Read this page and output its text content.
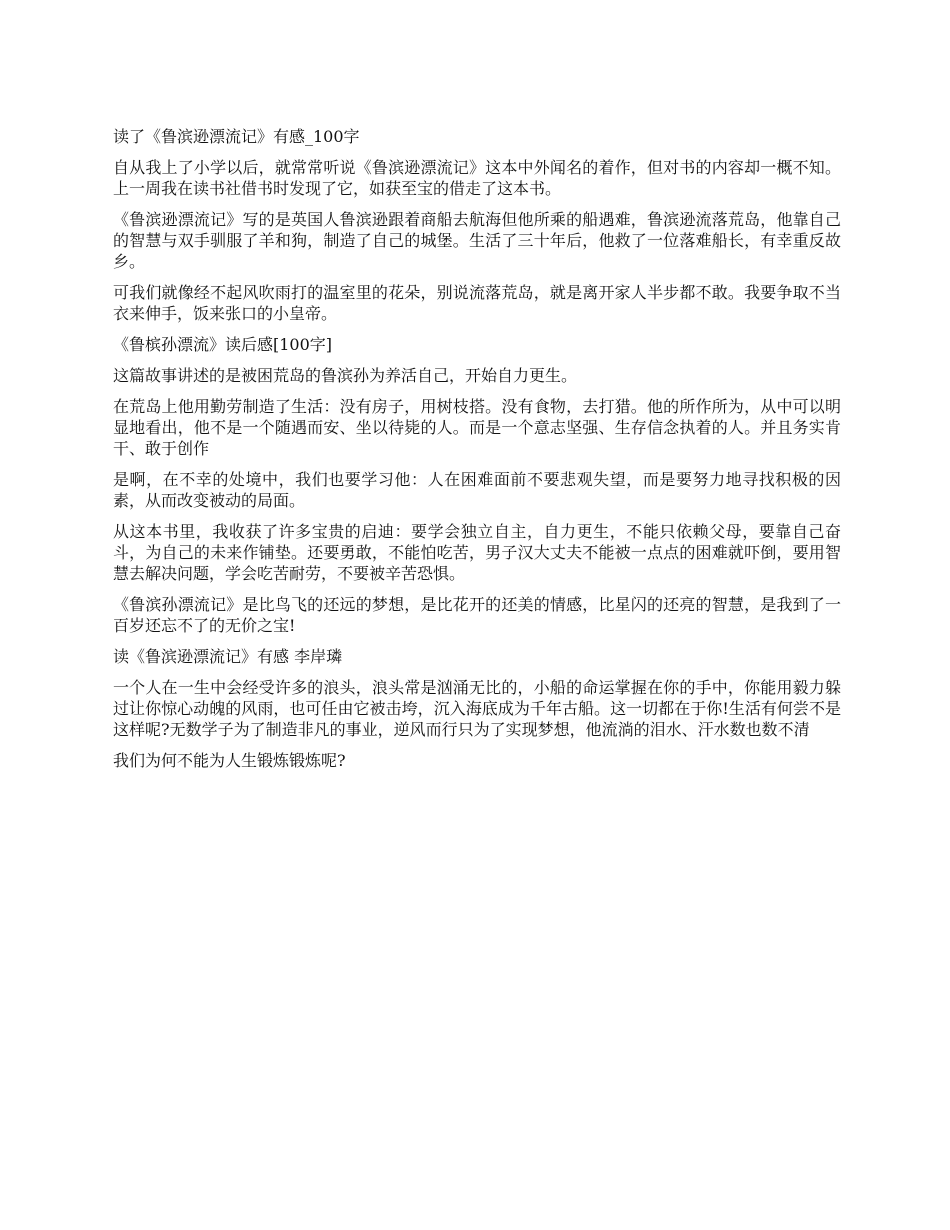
读了《鲁滨逊漂流记》有感_100字

自从我上了小学以后，就常常听说《鲁滨逊漂流记》这本中外闻名的着作，但对书的内容却一概不知。上一周我在读书社借书时发现了它，如获至宝的借走了这本书。

《鲁滨逊漂流记》写的是英国人鲁滨逊跟着商船去航海但他所乘的船遇难，鲁滨逊流落荒岛，他靠自己的智慧与双手驯服了羊和狗，制造了自己的城堡。生活了三十年后，他救了一位落难船长，有幸重反故乡。

可我们就像经不起风吹雨打的温室里的花朵，别说流落荒岛，就是离开家人半步都不敢。我要争取不当衣来伸手，饭来张口的小皇帝。

《鲁槟孙漂流》读后感[100字]

这篇故事讲述的是被困荒岛的鲁滨孙为养活自己，开始自力更生。

在荒岛上他用勤劳制造了生活：没有房子，用树枝搭。没有食物，去打猎。他的所作所为，从中可以明显地看出，他不是一个随遇而安、坐以待毙的人。而是一个意志坚强、生存信念执着的人。并且务实肯干、敢于创作

是啊，在不幸的处境中，我们也要学习他：人在困难面前不要悲观失望，而是要努力地寻找积极的因素，从而改变被动的局面。

从这本书里，我收获了许多宝贵的启迪：要学会独立自主，自力更生，不能只依赖父母，要靠自己奋斗，为自己的未来作铺垫。还要勇敢，不能怕吃苦，男子汉大丈夫不能被一点点的困难就吓倒，要用智慧去解决问题，学会吃苦耐劳，不要被辛苦恐惧。

《鲁滨孙漂流记》是比鸟飞的还远的梦想，是比花开的还美的情感，比星闪的还亮的智慧，是我到了一百岁还忘不了的无价之宝!

读《鲁滨逊漂流记》有感 李岸璘

一个人在一生中会经受许多的浪头，浪头常是汹涌无比的，小船的命运掌握在你的手中，你能用毅力躲过让你惊心动魄的风雨，也可任由它被击垮，沉入海底成为千年古船。这一切都在于你!生活有何尝不是这样呢?无数学子为了制造非凡的事业，逆风而行只为了实现梦想，他流淌的泪水、汗水数也数不清

我们为何不能为人生锻炼锻炼呢?
